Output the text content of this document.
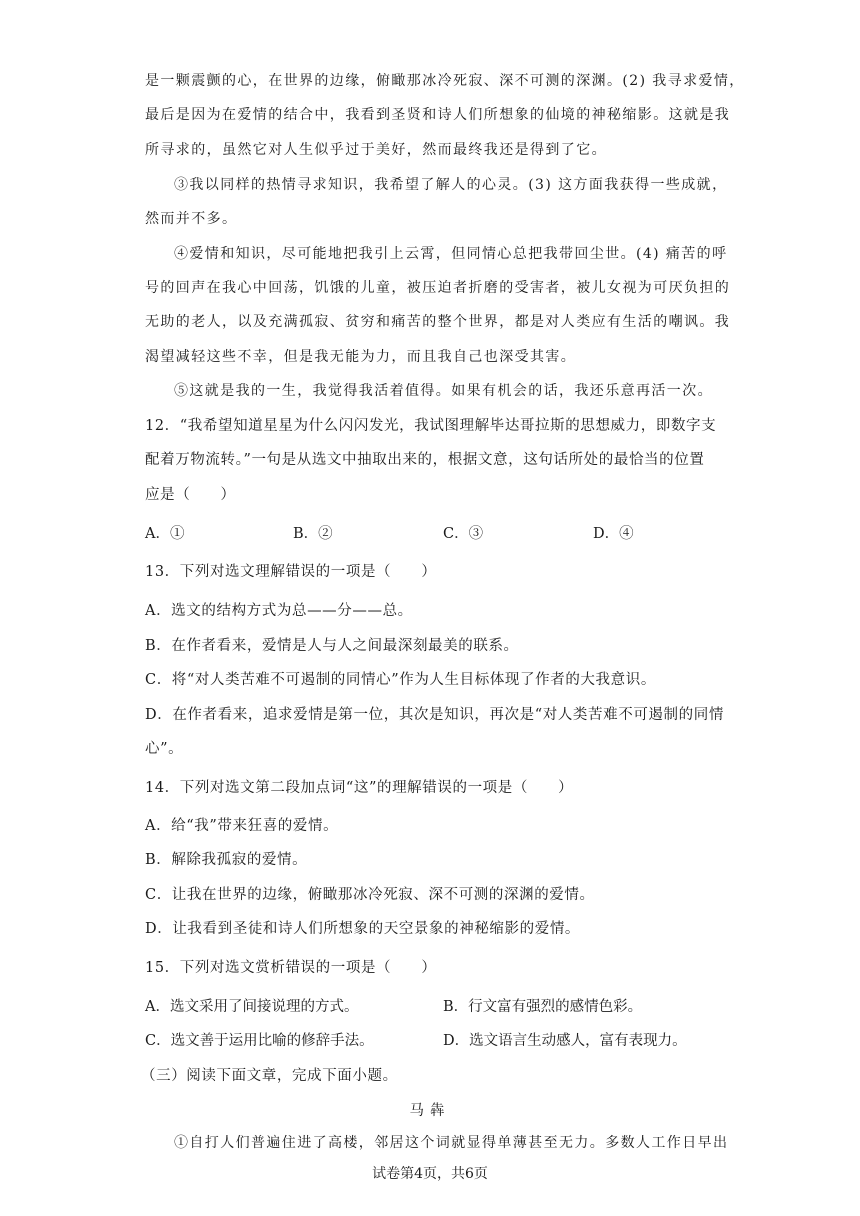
是一颗震颤的心，在世界的边缘，俯瞰那冰冷死寂、深不可测的深渊。(2) 我寻求爱情，
最后是因为在爱情的结合中，我看到圣贤和诗人们所想象的仙境的神秘缩影。这就是我
所寻求的，虽然它对人生似乎过于美好，然而最终我还是得到了它。
③我以同样的热情寻求知识，我希望了解人的心灵。(3) 这方面我获得一些成就，
然而并不多。
④爱情和知识，尽可能地把我引上云霄，但同情心总把我带回尘世。(4) 痛苦的呼
号的回声在我心中回荡，饥饿的儿童，被压迫者折磨的受害者，被儿女视为可厌负担的
无助的老人，以及充满孤寂、贫穷和痛苦的整个世界，都是对人类应有生活的嘲讽。我
渴望减轻这些不幸，但是我无能为力，而且我自己也深受其害。
⑤这就是我的一生，我觉得我活着值得。如果有机会的话，我还乐意再活一次。
12．“我希望知道星星为什么闪闪发光，我试图理解毕达哥拉斯的思想威力，即数字支
配着万物流转。”一句是从选文中抽取出来的，根据文意，这句话所处的最恰当的位置
应是（　　）
A．①	B．②	C．③	D．④
13．下列对选文理解错误的一项是（　　）
A．选文的结构方式为总——分——总。
B．在作者看来，爱情是人与人之间最深刻最美的联系。
C．将“对人类苦难不可遏制的同情心”作为人生目标体现了作者的大我意识。
D．在作者看来，追求爱情是第一位，其次是知识，再次是“对人类苦难不可遏制的同情
心”。
14．下列对选文第二段加点词“这”的理解错误的一项是（　　）
A．给“我”带来狂喜的爱情。
B．解除我孤寂的爱情。
C．让我在世界的边缘，俯瞰那冰冷死寂、深不可测的深渊的爱情。
D．让我看到圣徒和诗人们所想象的天空景象的神秘缩影的爱情。
15．下列对选文赏析错误的一项是（　　）
A．选文采用了间接说理的方式。	B．行文富有强烈的感情色彩。
C．选文善于运用比喻的修辞手法。	D．选文语言生动感人，富有表现力。
（三）阅读下面文章，完成下面小题。
马犇
①自打人们普遍住进了高楼，邻居这个词就显得单薄甚至无力。多数人工作日早出
试卷第4页，共6页
